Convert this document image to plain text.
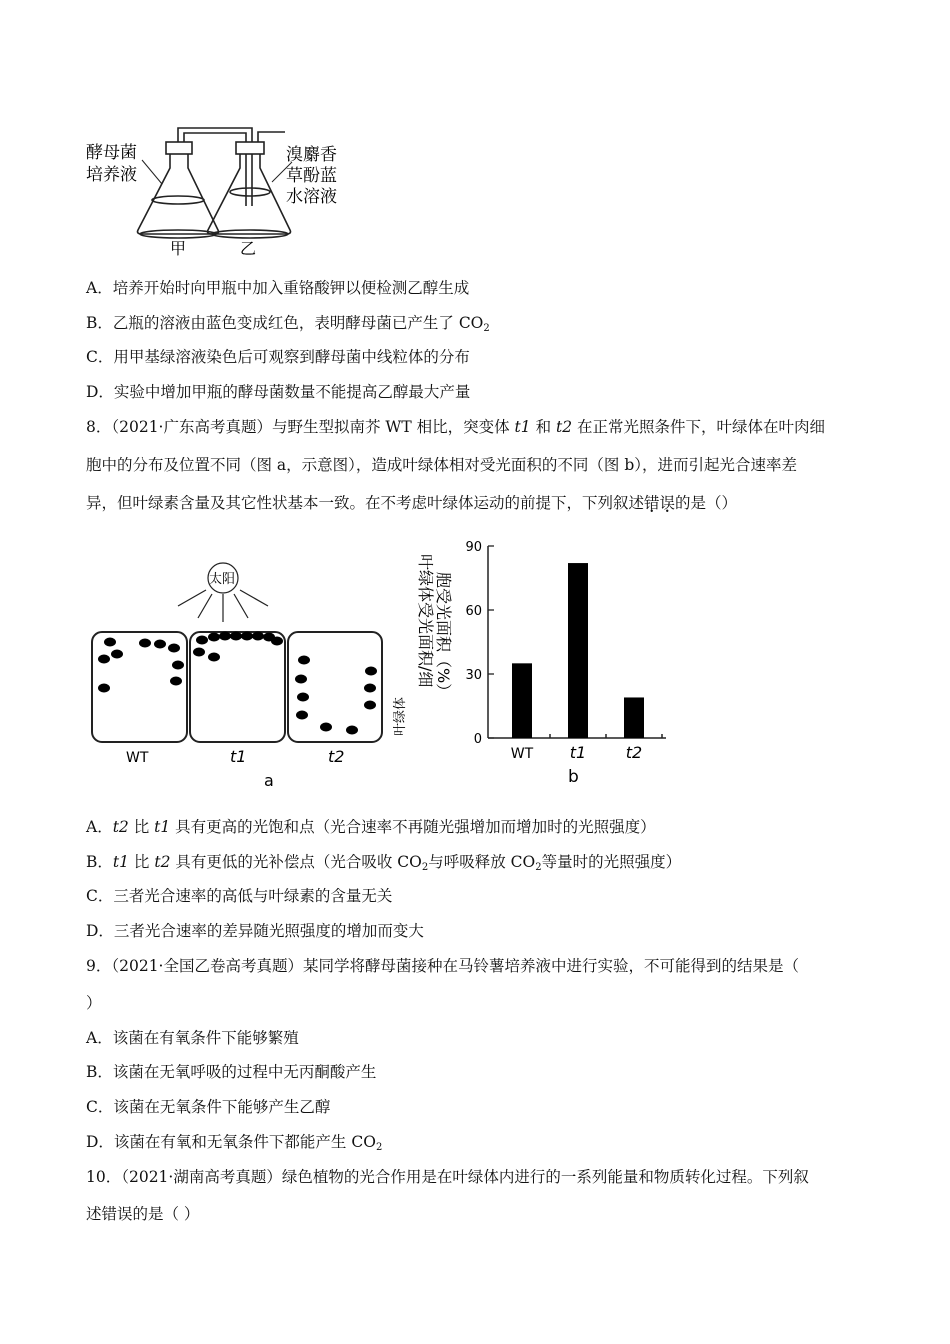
酵母菌
培养液
溴麝香
草酚蓝
水溶液
甲	乙
A．培养开始时向甲瓶中加入重铬酸钾以便检测乙醇生成
B．乙瓶的溶液由蓝色变成红色，表明酵母菌已产生了 $CO_2$
C．用甲基绿溶液染色后可观察到酵母菌中线粒体的分布
D．实验中增加甲瓶的酵母菌数量不能提高乙醇最大产量
8．（2021·广东高考真题）与野生型拟南芥 WT 相比，突变体 t1 和 t2 在正常光照条件下，叶绿体在叶肉细
胞中的分布及位置不同（图 a，示意图），造成叶绿体相对受光面积的不同（图 b），进而引起光合速率差
异，但叶绿素含量及其它性状基本一致。在不考虑叶绿体运动的前提下，下列叙述错误的是（）
太阳
WT	t1	t2
a
叶绿体
叶绿体受光面积/细 胞受光面积（%）
0
30
60
90
WT t1 t2
b
A．t2 比 t1 具有更高的光饱和点（光合速率不再随光强增加而增加时的光照强度）
B．t1 比 t2 具有更低的光补偿点（光合吸收 $CO_2$与呼吸释放 $CO_2$等量时的光照强度）
C．三者光合速率的高低与叶绿素的含量无关
D．三者光合速率的差异随光照强度的增加而变大
9．（2021·全国乙卷高考真题）某同学将酵母菌接种在马铃薯培养液中进行实验，不可能得到的结果是（
）
A．该菌在有氧条件下能够繁殖
B．该菌在无氧呼吸的过程中无丙酮酸产生
C．该菌在无氧条件下能够产生乙醇
D．该菌在有氧和无氧条件下都能产生 $CO_2$
10．（2021·湖南高考真题）绿色植物的光合作用是在叶绿体内进行的一系列能量和物质转化过程。下列叙
述错误的是（ ）
